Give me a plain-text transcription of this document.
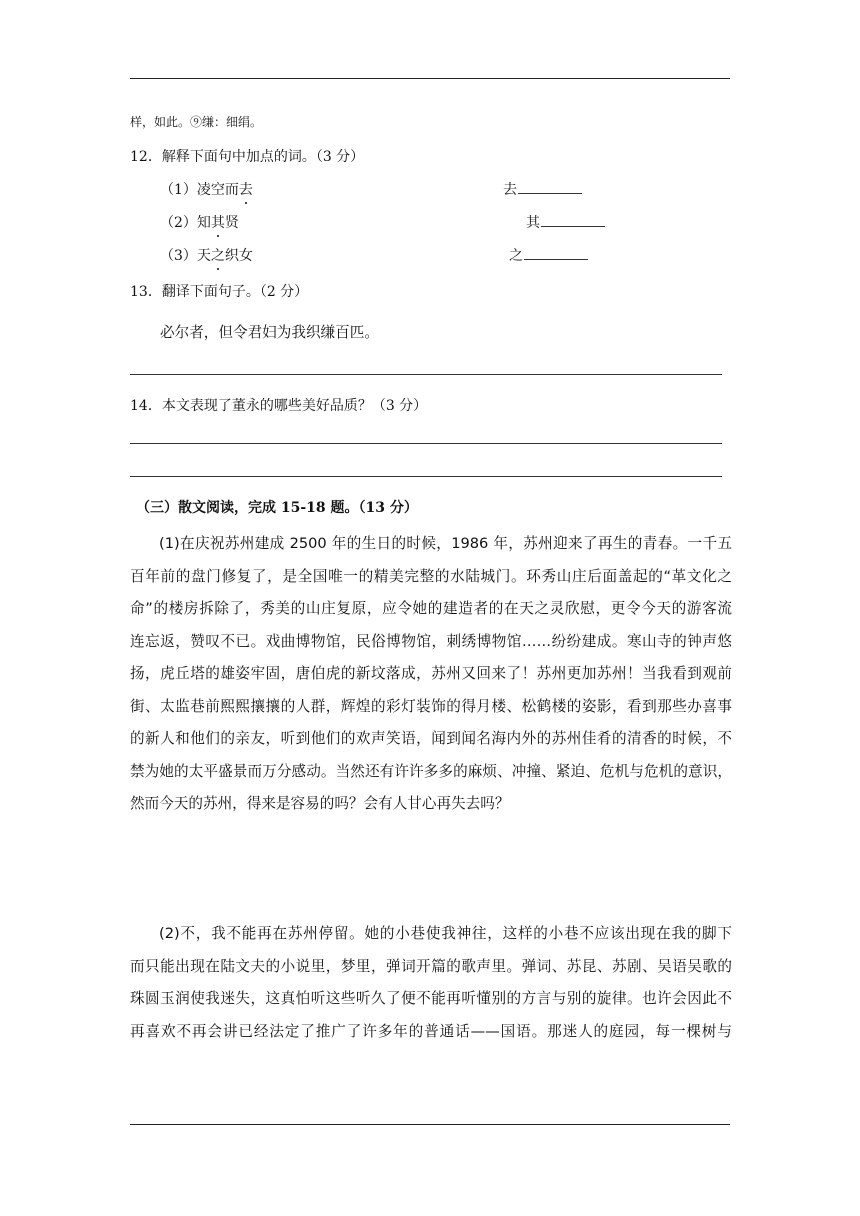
样，如此。⑨缣：细绢。
12．解释下面句中加点的词。（3 分）
（1）凌空而去	去
（2）知其贤	其
（3）天之织女	之
13．翻译下面句子。（2 分）
必尔者，但令君妇为我织缣百匹。
14．本文表现了董永的哪些美好品质？（3 分）
（三）散文阅读，完成 15-18 题。（13 分）
(1)在庆祝苏州建成 2500 年的生日的时候，1986 年，苏州迎来了再生的青春。一千五
百年前的盘门修复了，是全国唯一的精美完整的水陆城门。环秀山庄后面盖起的“革文化之
命”的楼房拆除了，秀美的山庄复原，应令她的建造者的在天之灵欣慰，更令今天的游客流
连忘返，赞叹不已。戏曲博物馆，民俗博物馆，刺绣博物馆……纷纷建成。寒山寺的钟声悠
扬，虎丘塔的雄姿牢固，唐伯虎的新坟落成，苏州又回来了！苏州更加苏州！当我看到观前
街、太监巷前熙熙攘攘的人群，辉煌的彩灯装饰的得月楼、松鹤楼的姿影，看到那些办喜事
的新人和他们的亲友，听到他们的欢声笑语，闻到闻名海内外的苏州佳肴的清香的时候，不
禁为她的太平盛景而万分感动。当然还有许许多多的麻烦、冲撞、紧迫、危机与危机的意识，
然而今天的苏州，得来是容易的吗？会有人甘心再失去吗？
(2)不，我不能再在苏州停留。她的小巷使我神往，这样的小巷不应该出现在我的脚下
而只能出现在陆文夫的小说里，梦里，弹词开篇的歌声里。弹词、苏昆、苏剧、吴语吴歌的
珠圆玉润使我迷失，这真怕听这些听久了便不能再听懂别的方言与别的旋律。也许会因此不
再喜欢不再会讲已经法定了推广了许多年的普通话——国语。那迷人的庭园，每一棵树与
